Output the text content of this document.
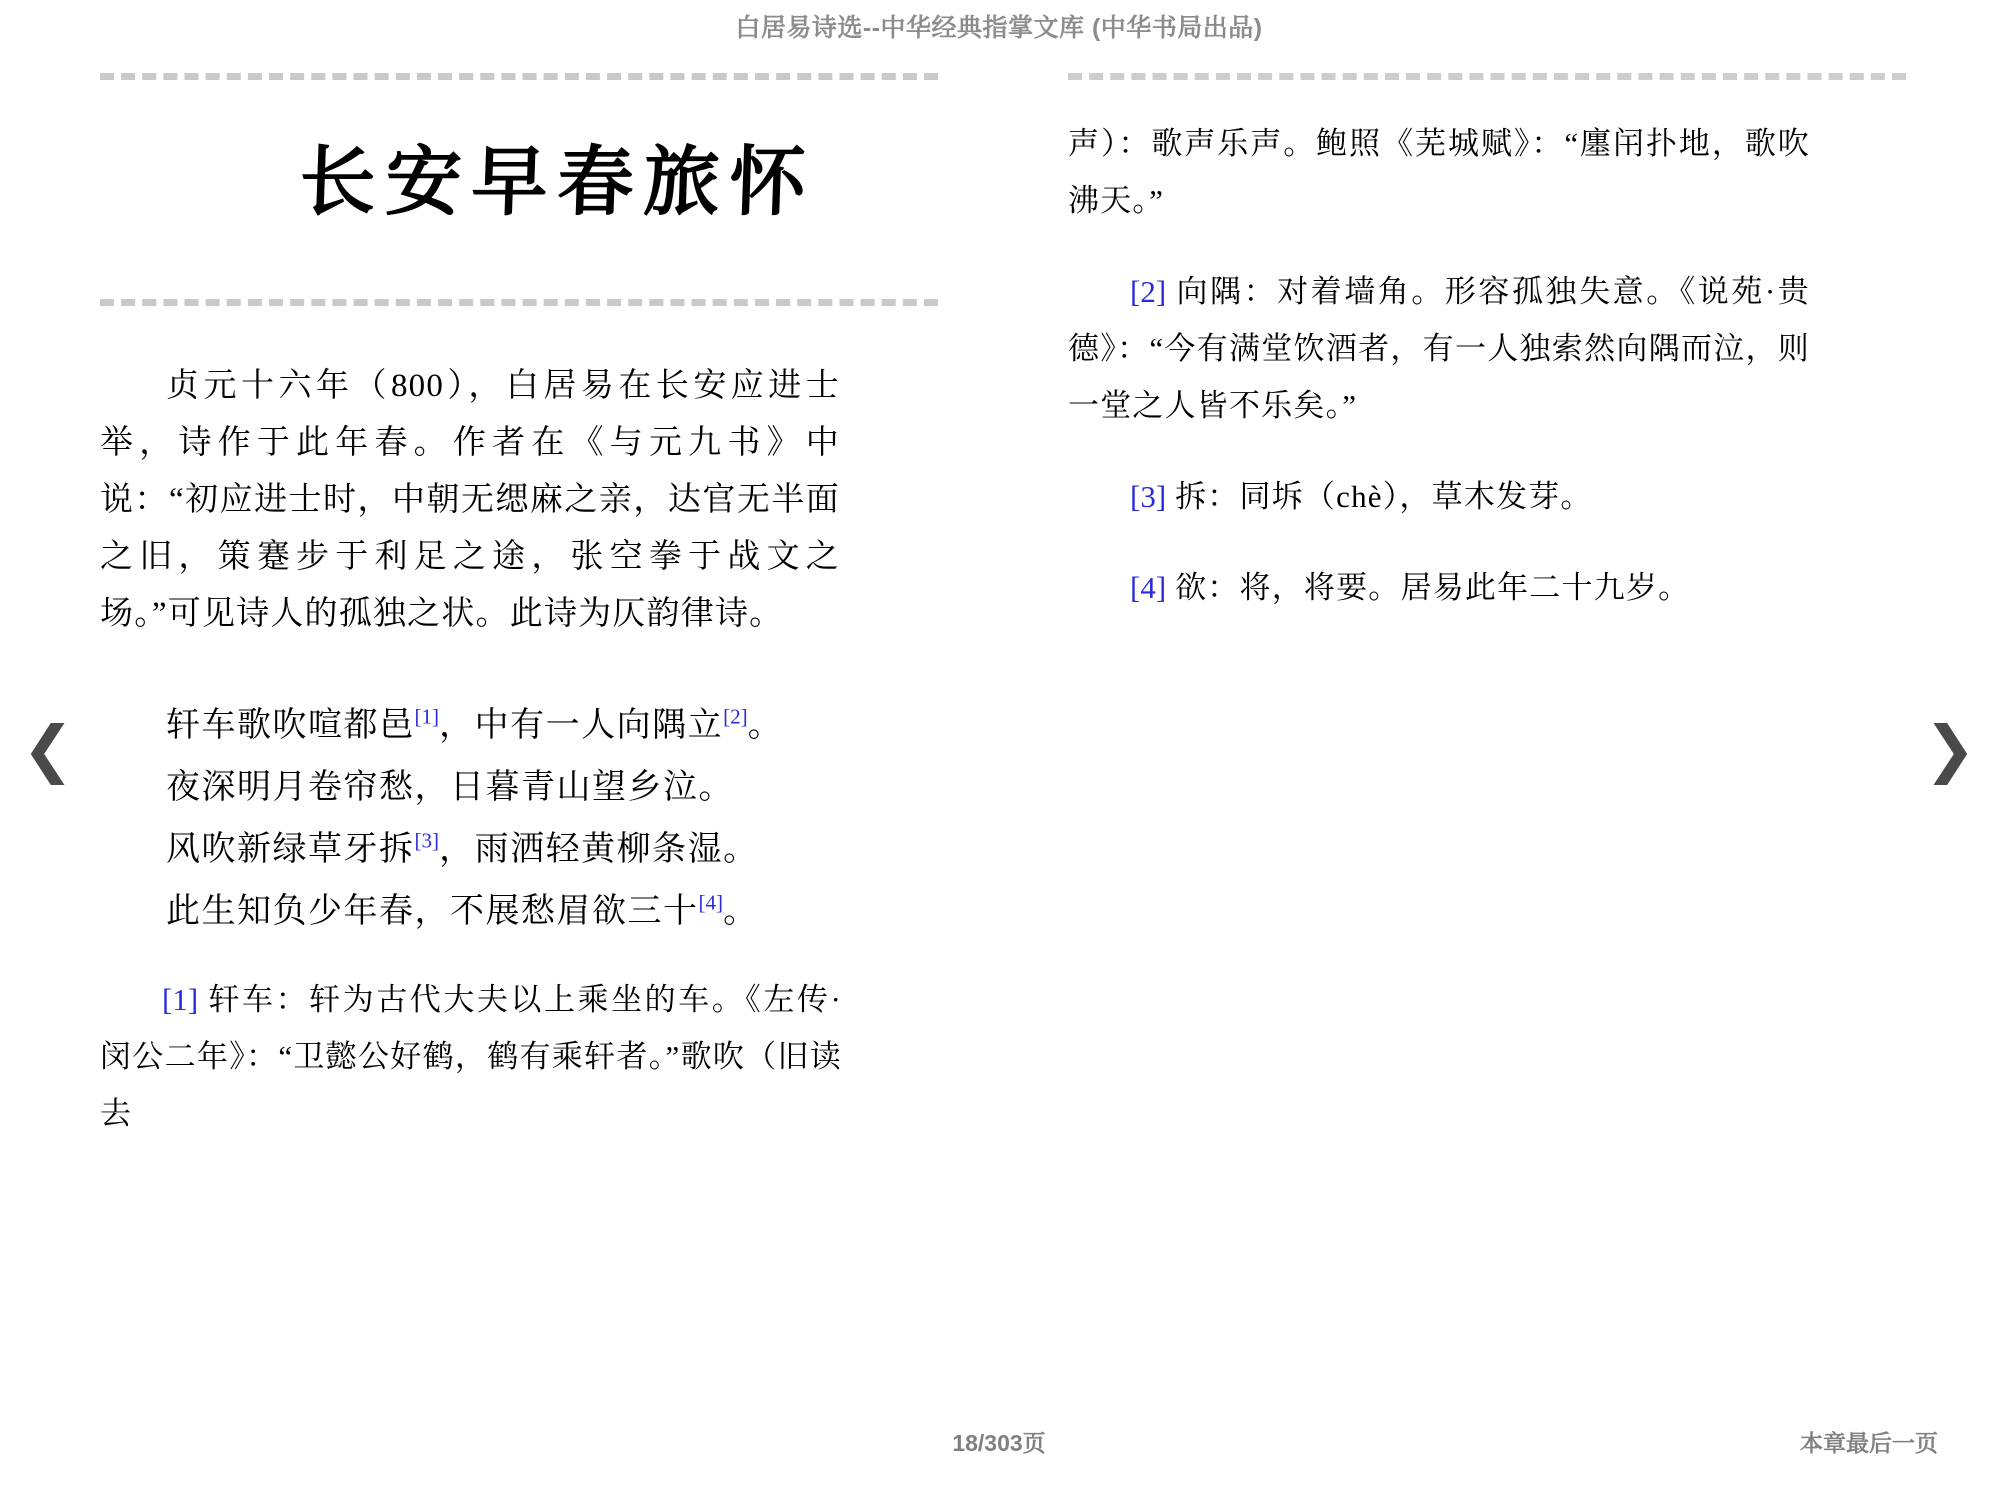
白居易诗选--中华经典指掌文库 (中华书局出品)
❮	❯
长安早春旅怀
贞元十六年（800），白居易在长安应进士举，诗作于此年春。作者在《与元九书》中说：“初应进士时，中朝无缌麻之亲，达官无半面之旧，策蹇步于利足之途，张空拳于战文之场。”可见诗人的孤独之状。此诗为仄韵律诗。
轩车歌吹喧都邑[1]，中有一人向隅立[2]。
夜深明月卷帘愁，日暮青山望乡泣。
风吹新绿草牙拆[3]，雨洒轻黄柳条湿。
此生知负少年春，不展愁眉欲三十[4]。
[1] 轩车：轩为古代大夫以上乘坐的车。《左传·闵公二年》：“卫懿公好鹤，鹤有乘轩者。”歌吹（旧读去
声）：歌声乐声。鲍照《芜城赋》：“廛闬扑地，歌吹沸天。”
[2] 向隅：对着墙角。形容孤独失意。《说苑·贵德》：“今有满堂饮酒者，有一人独索然向隅而泣，则一堂之人皆不乐矣。”
[3] 拆：同坼（chè），草木发芽。
[4] 欲：将，将要。居易此年二十九岁。
18/303页	本章最后一页
